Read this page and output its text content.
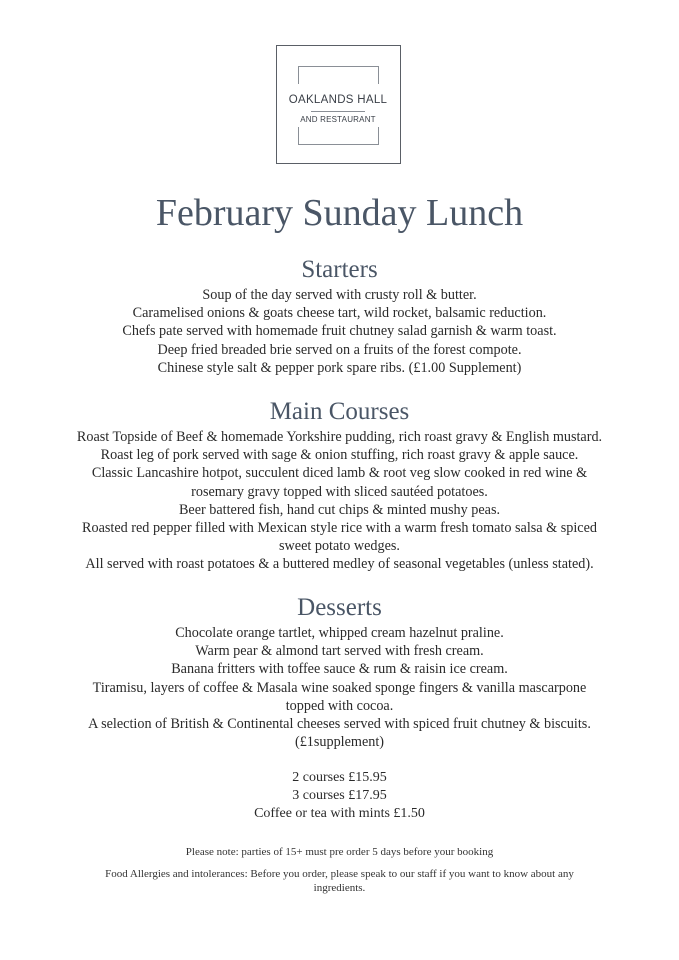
OAKLANDS HALL
AND RESTAURANT
February Sunday Lunch
Starters
Soup of the day served with crusty roll & butter.
Caramelised onions & goats cheese tart, wild rocket, balsamic reduction.
Chefs pate served with homemade fruit chutney salad garnish & warm toast.
Deep fried breaded brie served on a fruits of the forest compote.
Chinese style salt & pepper pork spare ribs. (£1.00 Supplement)
Main Courses
Roast Topside of Beef & homemade Yorkshire pudding, rich roast gravy & English mustard.
Roast leg of pork served with sage & onion stuffing, rich roast gravy & apple sauce.
Classic Lancashire hotpot, succulent diced lamb & root veg slow cooked in red wine &
rosemary gravy topped with sliced sautéed potatoes.
Beer battered fish, hand cut chips & minted mushy peas.
Roasted red pepper filled with Mexican style rice with a warm fresh tomato salsa & spiced
sweet potato wedges.
All served with roast potatoes & a buttered medley of seasonal vegetables (unless stated).
Desserts
Chocolate orange tartlet, whipped cream hazelnut praline.
Warm pear & almond tart served with fresh cream.
Banana fritters with toffee sauce & rum & raisin ice cream.
Tiramisu, layers of coffee & Masala wine soaked sponge fingers & vanilla mascarpone
topped with cocoa.
A selection of British & Continental cheeses served with spiced fruit chutney & biscuits.
(£1supplement)
2 courses £15.95
3 courses £17.95
Coffee or tea with mints £1.50
Please note: parties of 15+ must pre order 5 days before your booking
Food Allergies and intolerances: Before you order, please speak to our staff if you want to know about any
ingredients.
